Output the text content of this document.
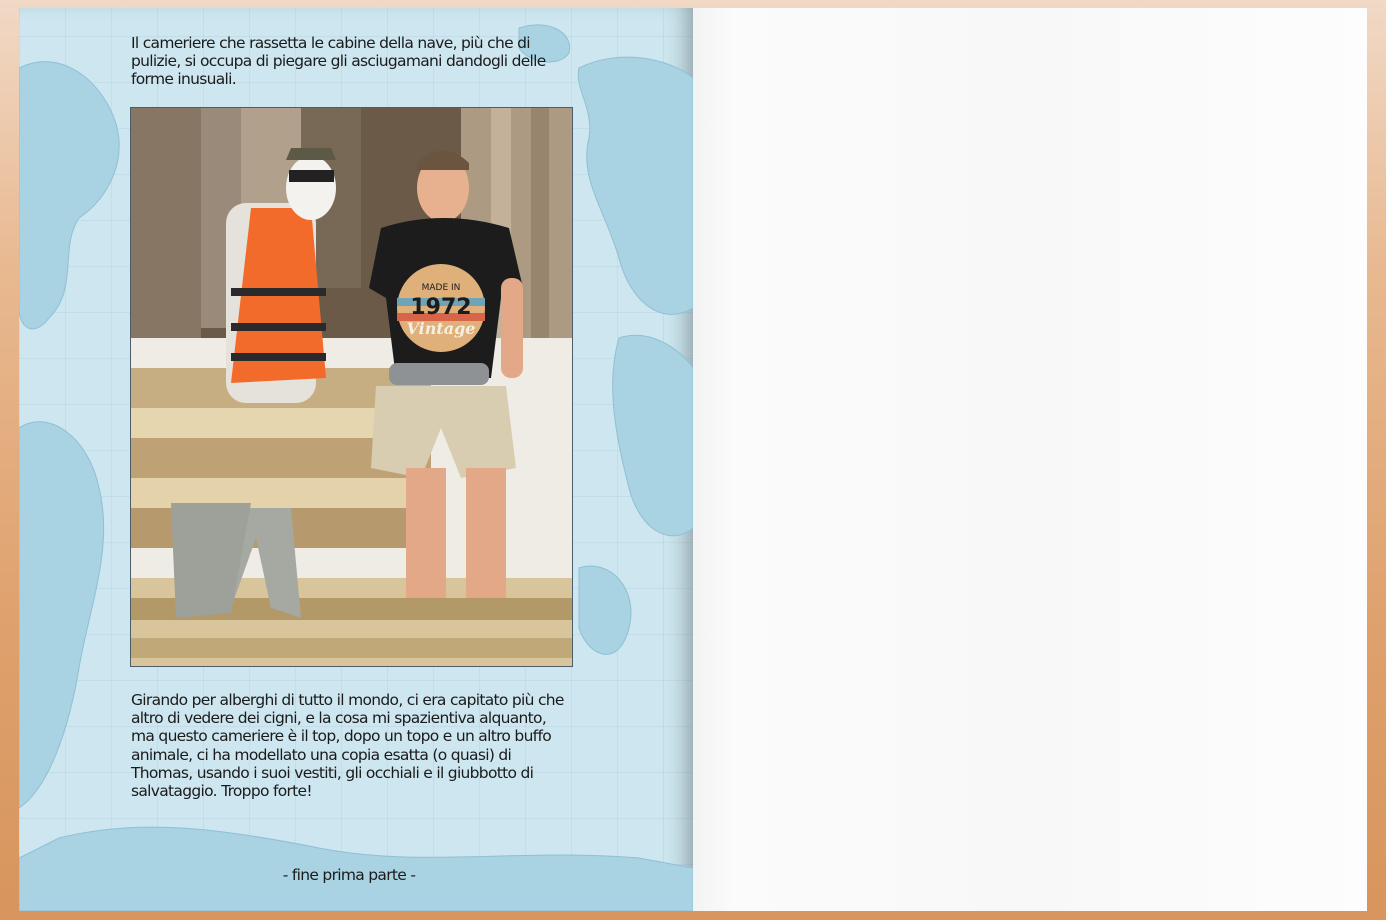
Il cameriere che rassetta le cabine della nave, più che di pulizie, si occupa di piegare gli asciugamani dandogli delle forme inusuali.
MADE IN
1972
Vintage
Girando per alberghi di tutto il mondo, ci era capitato più che altro di vedere dei cigni, e la cosa mi spazientiva alquanto, ma questo cameriere è il top, dopo un topo e un altro buffo animale, ci ha modellato una copia esatta (o quasi) di Thomas, usando i suoi vestiti, gli occhiali e il giubbotto di salvataggio. Troppo forte!
- fine prima parte -
